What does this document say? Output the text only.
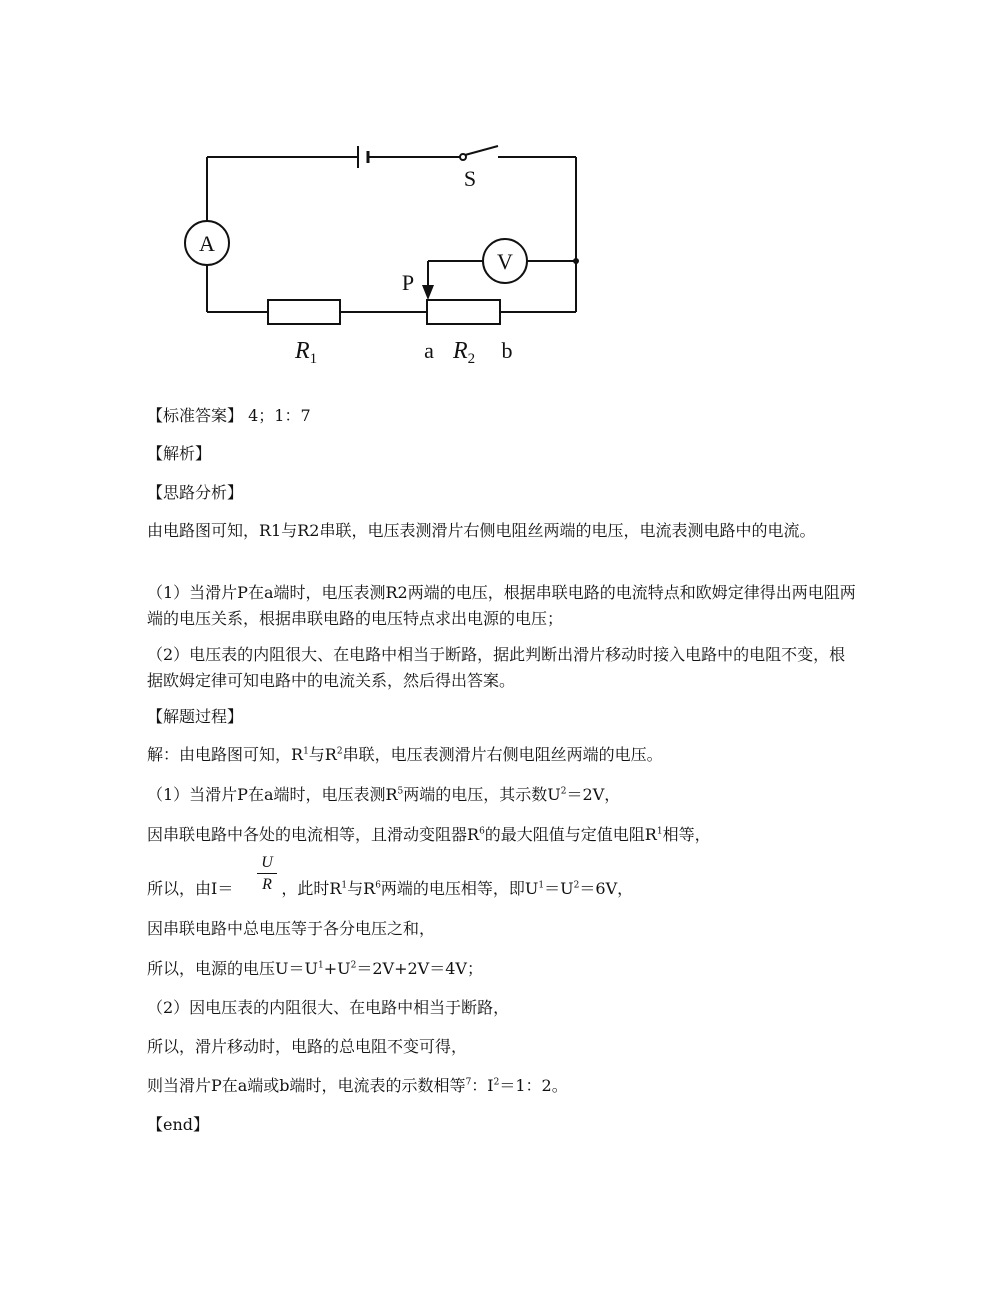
A
V
S
P
$R_1$	a $R_2$ b

【标准答案】 4；1：7

【解析】

【思路分析】

由电路图可知，R1与R2串联，电压表测滑片右侧电阻丝两端的电压，电流表测电路中的电流。

（1）当滑片P在a端时，电压表测R2两端的电压，根据串联电路的电流特点和欧姆定律得出两电阻两端的电压关系，根据串联电路的电压特点求出电源的电压；

（2）电压表的内阻很大、在电路中相当于断路，据此判断出滑片移动时接入电路中的电阻不变，根据欧姆定律可知电路中的电流关系，然后得出答案。

【解题过程】

解：由电路图可知，$R^1$与$R^2$串联，电压表测滑片右侧电阻丝两端的电压。

（1）当滑片P在a端时，电压表测$R^5$两端的电压，其示数$U^2=2V$，

因串联电路中各处的电流相等，且滑动变阻器$R^6$的最大阻值与定值电阻$R^1$相等，

所以，由I＝	，此时$R^1$与$R^6$两端的电压相等，即$U^1=U^2=6V$，

U
R

因串联电路中总电压等于各分电压之和，

所以，电源的电压$U=U^1+U^2=2V+2V=4V$；

（2）因电压表的内阻很大、在电路中相当于断路，

所以，滑片移动时，电路的总电阻不变可得，

则当滑片P在a端或b端时，电流表的示数相等$^7$：$I^2=1$：2。

【end】
